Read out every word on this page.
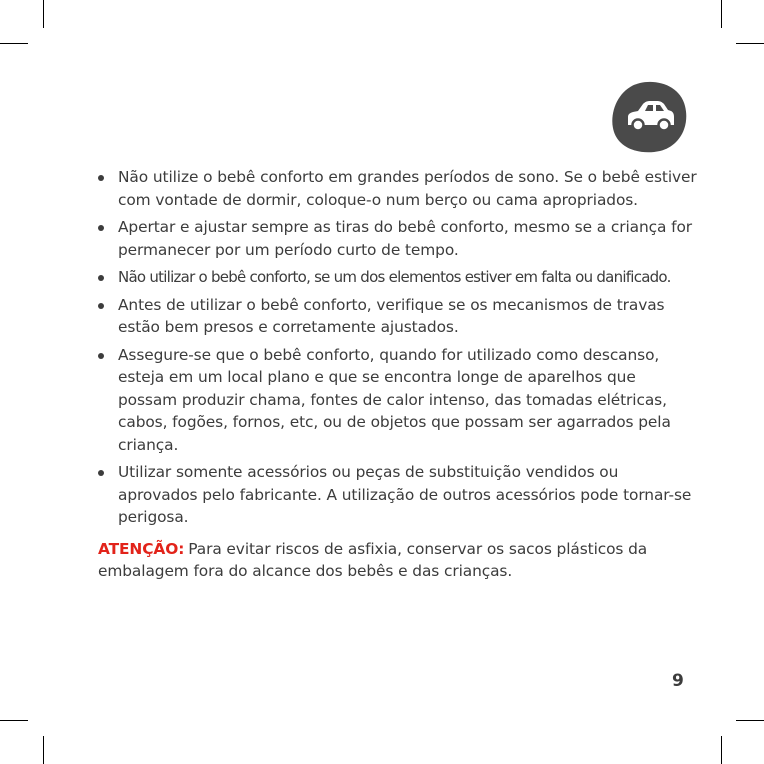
Não utilize o bebê conforto em grandes períodos de sono. Se o bebê estiver com vontade de dormir, coloque-o num berço ou cama apropriados.
Apertar e ajustar sempre as tiras do bebê conforto, mesmo se a criança for permanecer por um período curto de tempo.
Não utilizar o bebê conforto, se um dos elementos estiver em falta ou danificado.
Antes de utilizar o bebê conforto, verifique se os mecanismos de travas estão bem presos e corretamente ajustados.
Assegure-se que o bebê conforto, quando for utilizado como descanso, esteja em um local plano e que se encontra longe de aparelhos que possam produzir chama, fontes de calor intenso, das tomadas elétricas, cabos, fogões, fornos, etc, ou de objetos que possam ser agarrados pela criança.
Utilizar somente acessórios ou peças de substituição vendidos ou aprovados pelo fabricante. A utilização de outros acessórios pode tornar-se perigosa.

ATENÇÃO: Para evitar riscos de asfixia, conservar os sacos plásticos da embalagem fora do alcance dos bebês e das crianças.

9
